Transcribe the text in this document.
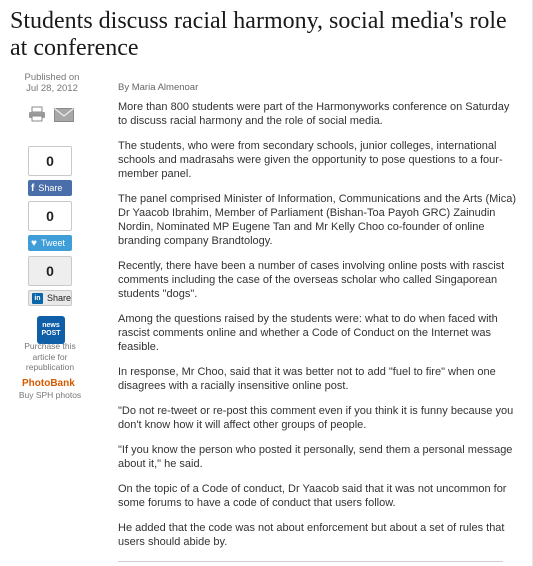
Students discuss racial harmony, social media's role at conference
Published on
Jul 28, 2012	By Maria Almenoar
0
f Share
0
♥ Tweet
0
in Share
news
POST
Purchase this article for republication
PhotoBank
Buy SPH photos

More than 800 students were part of the Harmonyworks conference on Saturday to discuss racial harmony and the role of social media.

The students, who were from secondary schools, junior colleges, international schools and madrasahs were given the opportunity to pose questions to a four-member panel.

The panel comprised Minister of Information, Communications and the Arts (Mica) Dr Yaacob Ibrahim, Member of Parliament (Bishan-Toa Payoh GRC) Zainudin Nordin, Nominated MP Eugene Tan and Mr Kelly Choo co-founder of online branding company Brandtology.

Recently, there have been a number of cases involving online posts with rascist comments including the case of the overseas scholar who called Singaporean students "dogs".

Among the questions raised by the students were: what to do when faced with rascist comments online and whether a Code of Conduct on the Internet was feasible.

In response, Mr Choo, said that it was better not to add "fuel to fire" when one disagrees with a racially insensitive online post.

"Do not re-tweet or re-post this comment even if you think it is funny because you don't know how it will affect other groups of people.

"If you know the person who posted it personally, send them a personal message about it," he said.

On the topic of a Code of conduct, Dr Yaacob said that it was not uncommon for some forums to have a code of conduct that users follow.

He added that the code was not about enforcement but about a set of rules that users should abide by.
